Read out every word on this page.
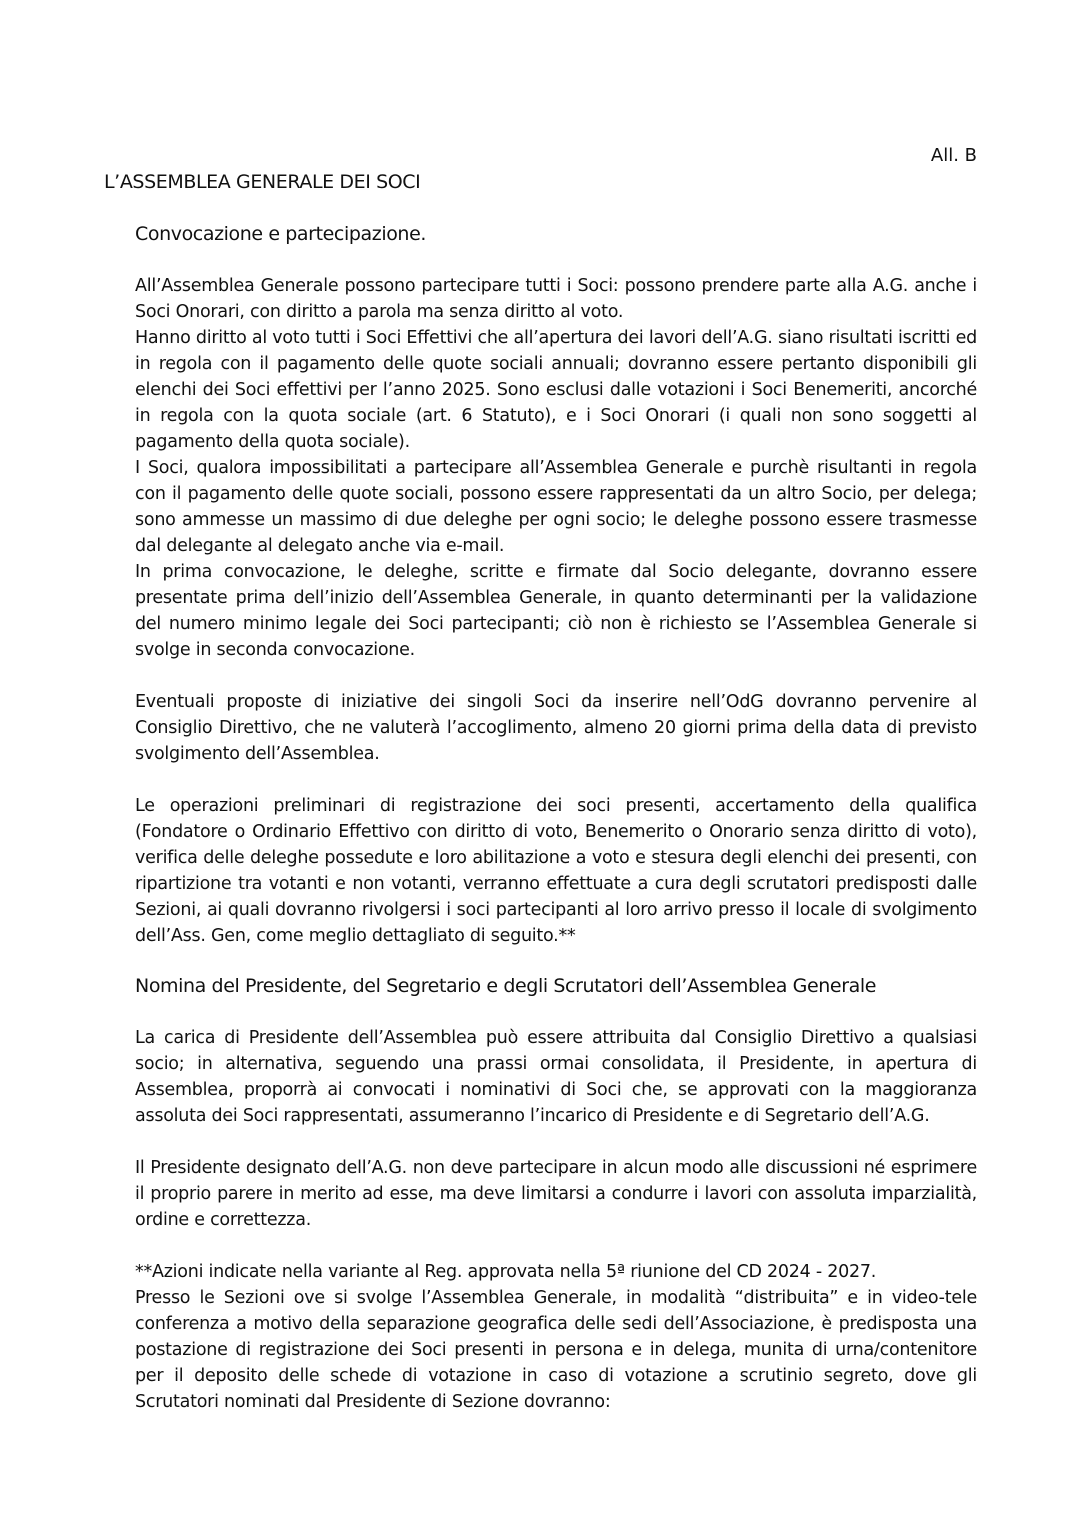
All. B
L’ASSEMBLEA GENERALE DEI SOCI
Convocazione e partecipazione.

All’Assemblea Generale possono partecipare tutti i Soci: possono prendere parte alla A.G. anche i Soci Onorari, con diritto a parola ma senza diritto al voto.

Hanno diritto al voto tutti i Soci Effettivi che all’apertura dei lavori dell’A.G. siano risultati iscritti ed in regola con il pagamento delle quote sociali annuali; dovranno essere pertanto disponibili gli elenchi dei Soci effettivi per l’anno 2025. Sono esclusi dalle votazioni i Soci Benemeriti, ancorché in regola con la quota sociale (art. 6 Statuto), e i Soci Onorari (i quali non sono soggetti al pagamento della quota sociale).

I Soci, qualora impossibilitati a partecipare all’Assemblea Generale e purchè risultanti in regola con il pagamento delle quote sociali, possono essere rappresentati da un altro Socio, per delega; sono ammesse un massimo di due deleghe per ogni socio; le deleghe possono essere trasmesse dal delegante al delegato anche via e-mail.

In prima convocazione, le deleghe, scritte e firmate dal Socio delegante, dovranno essere presentate prima dell’inizio dell’Assemblea Generale, in quanto determinanti per la validazione del numero minimo legale dei Soci partecipanti; ciò non è richiesto se l’Assemblea Generale si svolge in seconda convocazione.

Eventuali proposte di iniziative dei singoli Soci da inserire nell’OdG dovranno pervenire al Consiglio Direttivo, che ne valuterà l’accoglimento, almeno 20 giorni prima della data di previsto svolgimento dell’Assemblea.

Le operazioni preliminari di registrazione dei soci presenti, accertamento della qualifica (Fondatore o Ordinario Effettivo con diritto di voto, Benemerito o Onorario senza diritto di voto), verifica delle deleghe possedute e loro abilitazione a voto e stesura degli elenchi dei presenti, con ripartizione tra votanti e non votanti, verranno effettuate a cura degli scrutatori predisposti dalle Sezioni, ai quali dovranno rivolgersi i soci partecipanti al loro arrivo presso il locale di svolgimento dell’Ass. Gen, come meglio dettagliato di seguito.**

Nomina del Presidente, del Segretario e degli Scrutatori dell’Assemblea Generale

La carica di Presidente dell’Assemblea può essere attribuita dal Consiglio Direttivo a qualsiasi socio; in alternativa, seguendo una prassi ormai consolidata, il Presidente, in apertura di Assemblea, proporrà ai convocati i nominativi di Soci che, se approvati con la maggioranza assoluta dei Soci rappresentati, assumeranno l’incarico di Presidente e di Segretario dell’A.G.

Il Presidente designato dell’A.G. non deve partecipare in alcun modo alle discussioni né esprimere il proprio parere in merito ad esse, ma deve limitarsi a condurre i lavori con assoluta imparzialità, ordine e correttezza.

**Azioni indicate nella variante al Reg. approvata nella 5ª riunione del CD 2024 - 2027.

Presso le Sezioni ove si svolge l’Assemblea Generale, in modalità “distribuita” e in video-tele conferenza a motivo della separazione geografica delle sedi dell’Associazione, è predisposta una postazione di registrazione dei Soci presenti in persona e in delega, munita di urna/contenitore per il deposito delle schede di votazione in caso di votazione a scrutinio segreto, dove gli Scrutatori nominati dal Presidente di Sezione dovranno:
